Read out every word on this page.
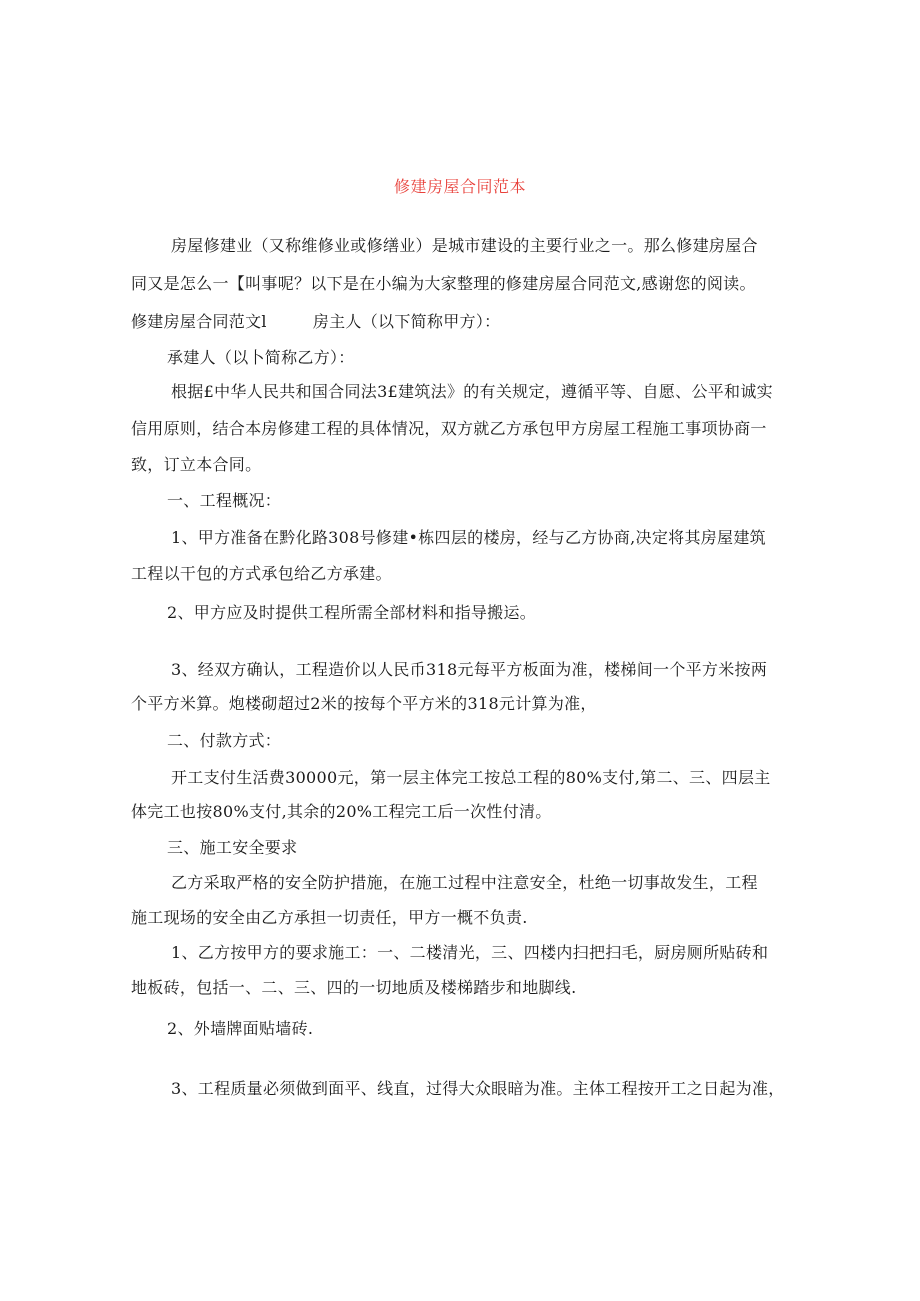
修建房屋合同范本
房屋修建业（又称维修业或修缮业）是城市建设的主要行业之一。那么修建房屋合
同又是怎么一【叫事呢？以下是在小编为大家整理的修建房屋合同范文,感谢您的阅读。
修建房屋合同范文l	房主人（以下简称甲方）：
承建人（以卜简称乙方）：
根据£中华人民共和国合同法3£建筑法》的有关规定，遵循平等、自愿、公平和诚实
信用原则，结合本房修建工程的具体情况，双方就乙方承包甲方房屋工程施工事项协商一
致，订立本合同。
一、工程概况：
1、甲方准备在黔化路308号修建•栋四层的楼房，经与乙方协商,决定将其房屋建筑
工程以干包的方式承包给乙方承建。
2、甲方应及时提供工程所需全部材料和指导搬运。
3、经双方确认，工程造价以人民币318元每平方板面为准，楼梯间一个平方米按两
个平方米算。炮楼砌超过2米的按每个平方米的318元计算为准，
二、付款方式：
开工支付生活费30000元，第一层主体完工按总工程的80%支付,第二、三、四层主
体完工也按80%支付,其余的20%工程完工后一次性付清。
三、施工安全要求
乙方采取严格的安全防护措施，在施工过程中注意安全，杜绝一切事故发生，工程
施工现场的安全由乙方承担一切责任，甲方一概不负责.
1、乙方按甲方的要求施工：一、二楼清光，三、四楼内扫把扫毛，厨房厕所贴砖和
地板砖，包括一、二、三、四的一切地质及楼梯踏步和地脚线.
2、外墙牌面贴墙砖.
3、工程质量必须做到面平、线直，过得大众眼暗为准。主体工程按开工之日起为准，
